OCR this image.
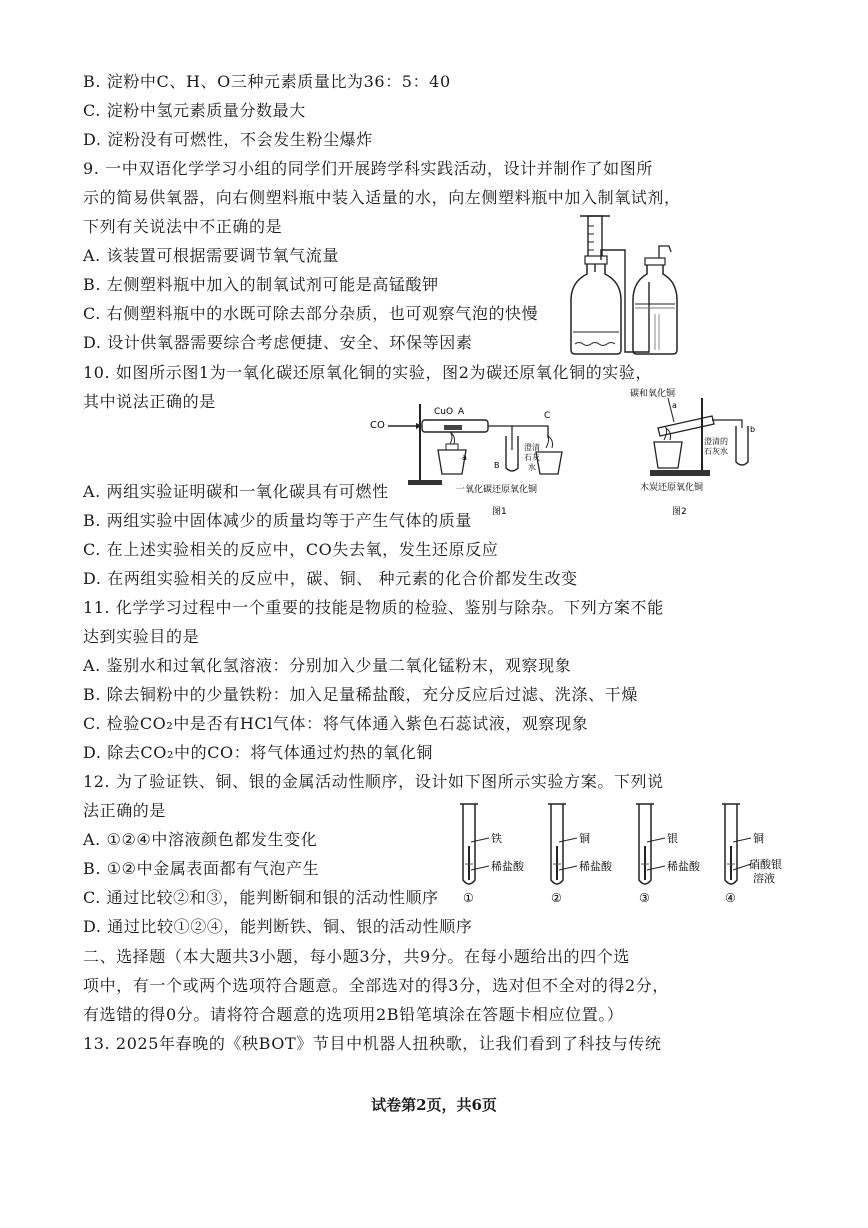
B. 淀粉中C、H、O三种元素质量比为36：5：40
C. 淀粉中氢元素质量分数最大
D. 淀粉没有可燃性，不会发生粉尘爆炸
9. 一中双语化学学习小组的同学们开展跨学科实践活动，设计并制作了如图所
示的简易供氧器，向右侧塑料瓶中装入适量的水，向左侧塑料瓶中加入制氧试剂，
下列有关说法中不正确的是
A. 该装置可根据需要调节氧气流量
B. 左侧塑料瓶中加入的制氧试剂可能是高锰酸钾
C. 右侧塑料瓶中的水既可除去部分杂质，也可观察气泡的快慢
D. 设计供氧器需要综合考虑便捷、安全、环保等因素
10. 如图所示图1为一氧化碳还原氧化铜的实验，图2为碳还原氧化铜的实验，
其中说法正确的是
A. 两组实验证明碳和一氧化碳具有可燃性
B. 两组实验中固体减少的质量均等于产生气体的质量
C. 在上述实验相关的反应中，CO失去氧，发生还原反应
D. 在两组实验相关的反应中，碳、铜、 种元素的化合价都发生改变
11. 化学学习过程中一个重要的技能是物质的检验、鉴别与除杂。下列方案不能
达到实验目的是
A. 鉴别水和过氧化氢溶液：分别加入少量二氧化锰粉末，观察现象
B. 除去铜粉中的少量铁粉：加入足量稀盐酸，充分反应后过滤、洗涤、干燥
C. 检验CO₂中是否有HCl气体：将气体通入紫色石蕊试液，观察现象
D. 除去CO₂中的CO：将气体通过灼热的氧化铜
12. 为了验证铁、铜、银的金属活动性顺序，设计如下图所示实验方案。下列说
法正确的是
A. ①②④中溶液颜色都发生变化
B. ①②中金属表面都有气泡产生
C. 通过比较②和③，能判断铜和银的活动性顺序
D. 通过比较①②④，能判断铁、铜、银的活动性顺序
二、选择题（本大题共3小题，每小题3分，共9分。在每小题给出的四个选
项中，有一个或两个选项符合题意。全部选对的得3分，选对但不全对的得2分，
有选错的得0分。请将符合题意的选项用2B铅笔填涂在答题卡相应位置。）
13. 2025年春晚的《秧BOT》节目中机器人扭秧歌，让我们看到了科技与传统
CO
CuO A
a
C
B
澄清
石灰
水
一氧化碳还原氧化铜
图1
碳和氧化铜
a
b
澄清的
石灰水
木炭还原氧化铜
图2
铁
稀盐酸
①
铜
稀盐酸
②
银
稀盐酸
③
铜
硝酸银
溶液
④
试卷第2页，共6页
